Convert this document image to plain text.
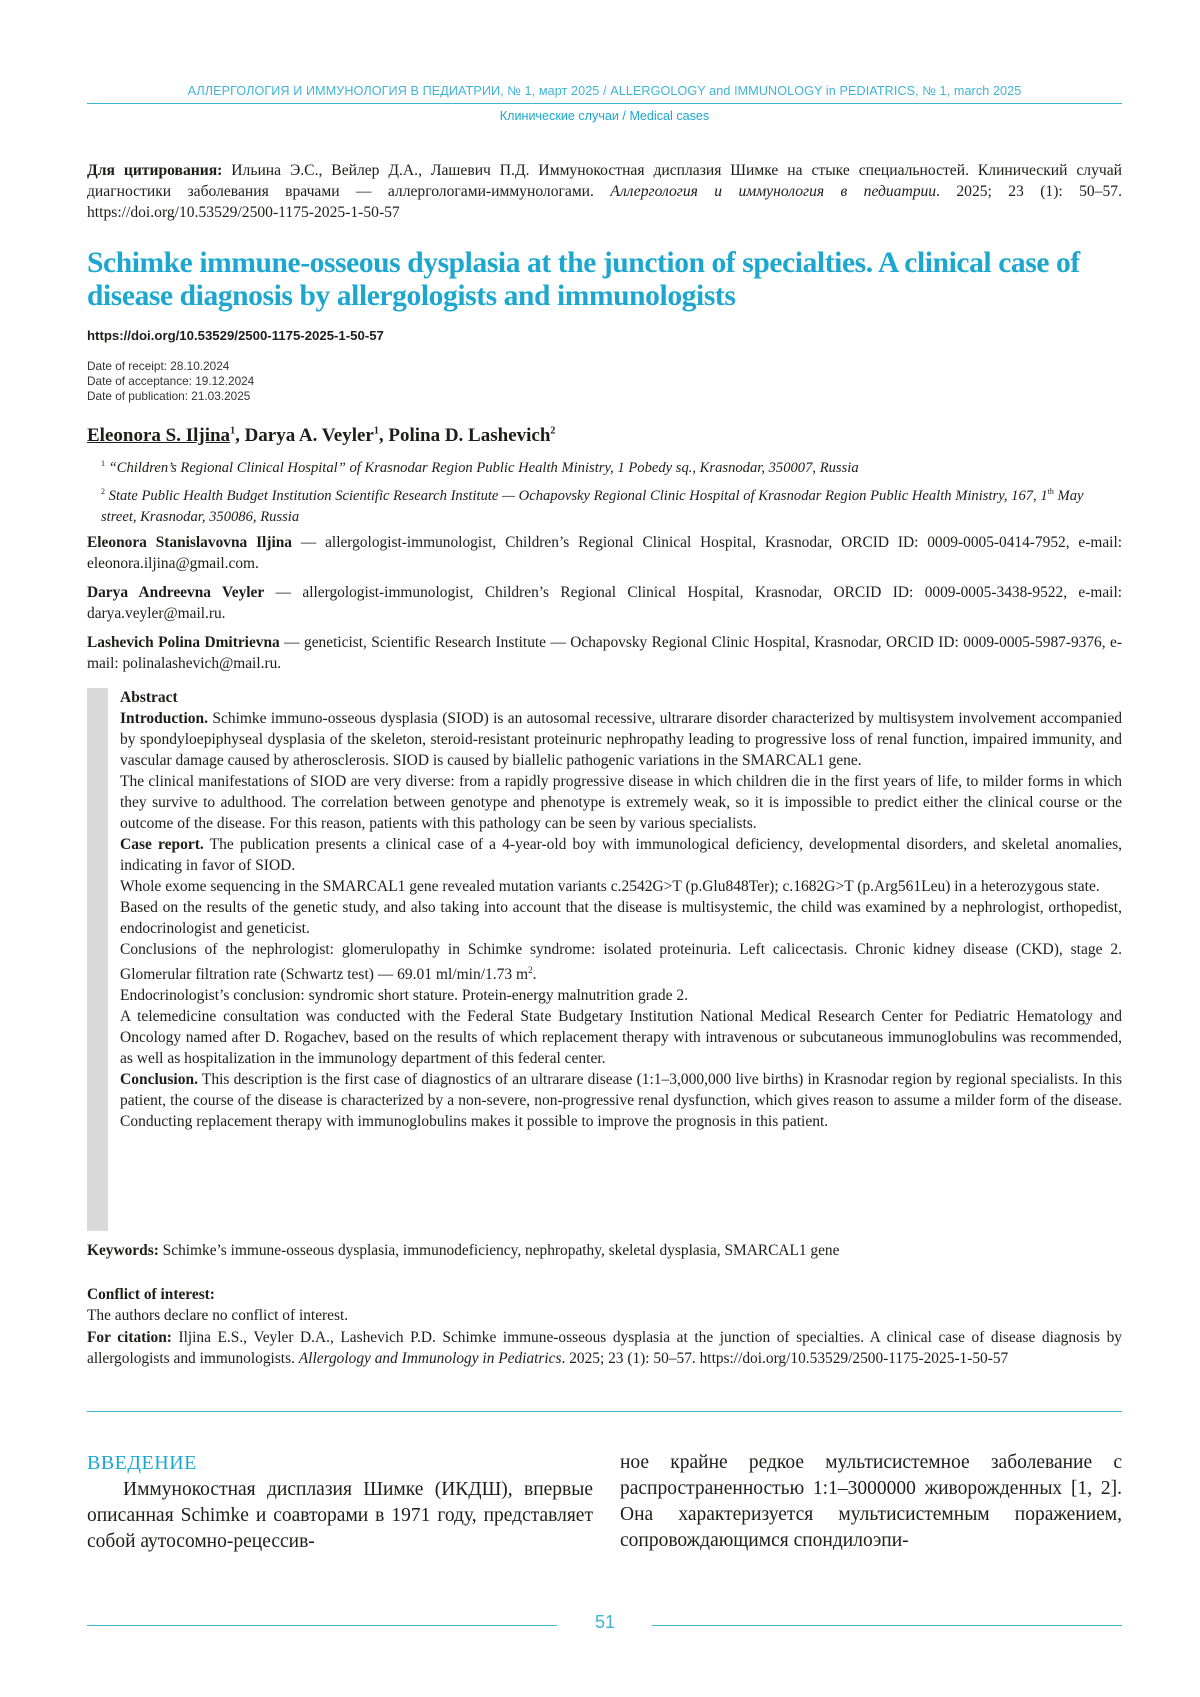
АЛЛЕРГОЛОГИЯ И ИММУНОЛОГИЯ В ПЕДИАТРИИ, № 1, март 2025 / ALLERGOLOGY and IMMUNOLOGY in PEDIATRICS, № 1, march 2025
Клинические случаи / Medical cases
Для цитирования: Ильина Э.С., Вейлер Д.А., Лашевич П.Д. Иммунокостная дисплазия Шимке на стыке специальностей. Клинический случай диагностики заболевания врачами — аллергологами-иммунологами. Аллергология и иммунология в педиатрии. 2025; 23 (1): 50–57. https://doi.org/10.53529/2500-1175-2025-1-50-57
Schimke immune-osseous dysplasia at the junction of specialties. A clinical case of disease diagnosis by allergologists and immunologists
https://doi.org/10.53529/2500-1175-2025-1-50-57
Date of receipt: 28.10.2024
Date of acceptance: 19.12.2024
Date of publication: 21.03.2025
Eleonora S. Iljina$^1$, Darya A. Veyler$^1$, Polina D. Lashevich$^2$
$^1$ “Children’s Regional Clinical Hospital” of Krasnodar Region Public Health Ministry, 1 Pobedy sq., Krasnodar, 350007, Russia
$^2$ State Public Health Budget Institution Scientific Research Institute — Ochapovsky Regional Clinic Hospital of Krasnodar Region Public Health Ministry, 167, 1th May street, Krasnodar, 350086, Russia
Eleonora Stanislavovna Iljina — allergologist-immunologist, Children’s Regional Clinical Hospital, Krasnodar, ORCID ID: 0009-0005-0414-7952, e-mail: eleonora.iljina@gmail.com.
Darya Andreevna Veyler — allergologist-immunologist, Children’s Regional Clinical Hospital, Krasnodar, ORCID ID: 0009-0005-3438-9522, e-mail: darya.veyler@mail.ru.
Lashevich Polina Dmitrievna — geneticist, Scientific Research Institute — Ochapovsky Regional Clinic Hospital, Krasnodar, ORCID ID: 0009-0005-5987-9376, e-mail: polinalashevich@mail.ru.

Abstract

Introduction. Schimke immuno-osseous dysplasia (SIOD) is an autosomal recessive, ultrarare disorder characterized by multisystem involvement accompanied by spondyloepiphyseal dysplasia of the skeleton, steroid-resistant proteinuric nephropathy leading to progressive loss of renal function, impaired immunity, and vascular damage caused by atherosclerosis. SIOD is caused by biallelic pathogenic variations in the SMARCAL1 gene.

The clinical manifestations of SIOD are very diverse: from a rapidly progressive disease in which children die in the first years of life, to milder forms in which they survive to adulthood. The correlation between genotype and phenotype is extremely weak, so it is impossible to predict either the clinical course or the outcome of the disease. For this reason, patients with this pathology can be seen by various specialists.

Case report. The publication presents a clinical case of a 4-year-old boy with immunological deficiency, developmental disorders, and skeletal anomalies, indicating in favor of SIOD.

Whole exome sequencing in the SMARCAL1 gene revealed mutation variants c.2542G>T (p.Glu848Ter); c.1682G>T (p.Arg561Leu) in a heterozygous state.

Based on the results of the genetic study, and also taking into account that the disease is multisystemic, the child was examined by a nephrologist, orthopedist, endocrinologist and geneticist.

Conclusions of the nephrologist: glomerulopathy in Schimke syndrome: isolated proteinuria. Left calicectasis. Chronic kidney disease (CKD), stage 2. Glomerular filtration rate (Schwartz test) — 69.01 ml/min/1.73 $m^2$.

Endocrinologist’s conclusion: syndromic short stature. Protein-energy malnutrition grade 2.

A telemedicine consultation was conducted with the Federal State Budgetary Institution National Medical Research Center for Pediatric Hematology and Oncology named after D. Rogachev, based on the results of which replacement therapy with intravenous or subcutaneous immunoglobulins was recommended, as well as hospitalization in the immunology department of this federal center.

Conclusion. This description is the first case of diagnostics of an ultrarare disease (1:1–3,000,000 live births) in Krasnodar region by regional specialists. In this patient, the course of the disease is characterized by a non-severe, non-progressive renal dysfunction, which gives reason to assume a milder form of the disease. Conducting replacement therapy with immunoglobulins makes it possible to improve the prognosis in this patient.

Keywords: Schimke’s immune-osseous dysplasia, immunodeficiency, nephropathy, skeletal dysplasia, SMARCAL1 gene
Conflict of interest:
The authors declare no conflict of interest.
For citation: Iljina E.S., Veyler D.A., Lashevich P.D. Schimke immune-osseous dysplasia at the junction of specialties. A clinical case of disease diagnosis by allergologists and immunologists. Allergology and Immunology in Pediatrics. 2025; 23 (1): 50–57. https://doi.org/10.53529/2500-1175-2025-1-50-57
ВВЕДЕНИЕ

Иммунокостная дисплазия Шимке (ИКДШ), впервые описанная Schimke и соавторами в 1971 году, представляет собой аутосомно-рецессив-

ное крайне редкое мультисистемное заболевание с распространенностью 1:1–3000000 живорожденных [1, 2]. Она характеризуется мультисистемным поражением, сопровождающимся спондилоэпи-

51
